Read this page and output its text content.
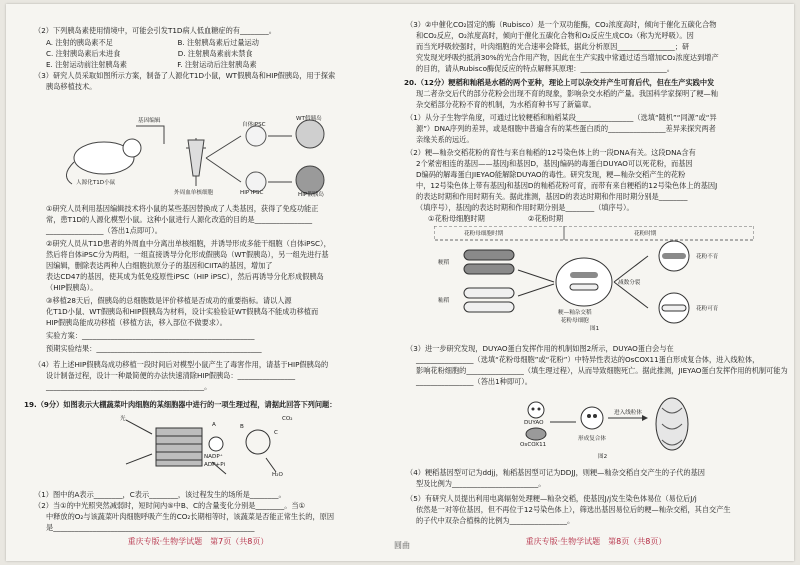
（2）下列胰岛素使用情境中，可能会引发T1D病人低血糖症的有________。
A. 注射的胰岛素不足　　　　　　　　　B. 注射胰岛素后过量运动
C. 注射胰岛素后未进食　　　　　　　　D. 注射胰岛素前未禁食
E. 注射运动前注射胰岛素　　　　　　　F. 注射运动后注射胰岛素
（3）研究人员采取如图所示方案，制备了人源化T1D小鼠，WT假胰岛和HIP假胰岛，用于探索
胰岛移植技术。
人源化T1D小鼠
基因编辑
外周血单核细胞
自体iPSC
WT假胰岛
HIP iPSC	HIP假胰岛
①研究人员利用基因编辑技术将小鼠的某些基因替换成了人类基因，获得了免疫功能正
常，患T1D的人源化模型小鼠。这种小鼠进行人源化改造的目的是________________
________________（答出1点即可）。
②研究人员从T1D患者的外周血中分离出单核细胞，并诱导形成多能干细胞（自体iPSC），
然后将自体iPSC分为两组，一组直接诱导分化形成假胰岛（WT假胰岛），另一组先进行基
因编辑，删除表达两种人白细胞抗原分子的基因和CIITA的基因，增加了
表达CD47的基因，使其成为低免疫原性iPSC（HIP iPSC），然后再诱导分化形成假胰岛
（HIP假胰岛）。
③移植28天后，假胰岛的总细胞数是评价移植是否成功的重要指标。请以人源
化T1D小鼠、WT假胰岛和HIP假胰岛为材料，设计实验验证WT假胰岛不能成功移植而
HIP假胰岛能成功移植（移植方法，移入部位不做要求）。
实验方案：________________________________________________
预期实验结果：______________________________________________
（4）若上述HIP假胰岛成功移植一段时间后对模型小鼠产生了毒害作用，请基于HIP假胰岛的
设计制备过程，设计一种最简便的办法快速清除HIP假胰岛：________________
____________________________________________。
19.（9分）如图表示大棚蔬菜叶肉细胞的某细胞器中进行的一项生理过程，请据此回答下列问题：
光
A	B
C
CO₂
NADP⁺
ADP+Pi
H₂O
（1）图中的A表示________，C表示________，该过程发生的场所是________。
（2）当①的中光照突然减弱时，短时间内⑤中B、C的含量变化分别是________。当①
中释放的O₂与该蔬菜叶肉细胞呼吸产生的CO₂长期相等时，该蔬菜是否能正常生长的，原因
是________________________________________________________
重庆专版·生物学试题　第7页（共8页）	圆曲
（3）②中催化CO₂固定的酶（Rubisco）是一个双功能酶，CO₂浓度高时，倾向于催化五碳化合物
和CO₂反应，O₂浓度高时，倾向于催化五碳化合物和O₂反应生成CO₂（称为光呼吸）。因
而当光呼吸较强时，叶肉细胞的光合速率会降低，据此分析原因________________；研
究发现光呼吸约抵消30%的光合作用产物，因此在生产实践中常通过适当增加CO₂浓度达到增产
的目的，请从Rubisco酶促反应的特点解释其原理：________________________。
20.（12分）粳稻和籼稻是水稻的两个亚种，理论上可以杂交并产生可育后代，但在生产实践中发
现二者杂交后代的部分花粉会出现不育的现象，影响杂交水稻的产量。我国科学家探明了粳—籼
杂交稻部分花粉不育的机制，为水稻育种书写了新篇章。
（1）从分子生物学角度，可通过比较粳稻和籼稻某段________________（选填“随机”“同源”或“异
源”）DNA序列的差异，或是细胞中普遍含有的某些蛋白质的________________差异来探究两者
亲缘关系的远近。
（2）粳—籼杂交稻花粉的育性与来自籼稻的12号染色体上的一段DNA有关。这段DNA含有
2个紧密相连的基因——基因J和基因D，基因J编码的毒蛋白DUYAO可以死花粉，而基因
D编码的解毒蛋白JIEYAO能解除DUYAO的毒性。研究发现，粳—籼杂交稻产生的花粉
中，12号染色体上带有基因J和基因D的籼稻花粉可育，而带有来自粳稻的12号染色体上的基因J
的表达时期和作用时期有关。据此推测，基因D的表达时期和作用时期分别是________
（填序号），基因J的表达时期和作用时期分别是________（填序号）。
①花粉母细胞时期　　　　　　②花粉时期
花粉母细胞时期	花粉时期
粳稻
籼稻
粳—籼杂交稻
花粉母细胞
减数分裂
花粉不育
花粉可育
图1
（3）进一步研究发现，DUYAO蛋白发挥作用的机制如图2所示，DUYAO蛋白会与在
________________（选填“花粉母细胞”或“花粉”）中特异性表达的OsCOX11蛋白形成复合体，进入线粒体，
影响花粉细胞的________________（填生理过程），从而导致细胞死亡。据此推测，JIEYAO蛋白发挥作用的机制可能为
________________（答出1种即可）。
DUYAO
OsCOX11
形成复合体
进入线粒体
图2
（4）粳稻基因型可记为ddjj，籼稻基因型可记为DDJJ，则粳—籼杂交稻自交产生的子代的基因
型及比例为________________________。
（5）有研究人员提出利用电离辐射处理粳—籼杂交稻，使基因J/j发生染色体易位（易位后J/j
依然是一对等位基因，但不再位于12号染色体上），筛选出基因易位后的粳—籼杂交稻，其自交产生
的子代中双杂合植株的比例为________________。
重庆专版·生物学试题　第8页（共8页）
